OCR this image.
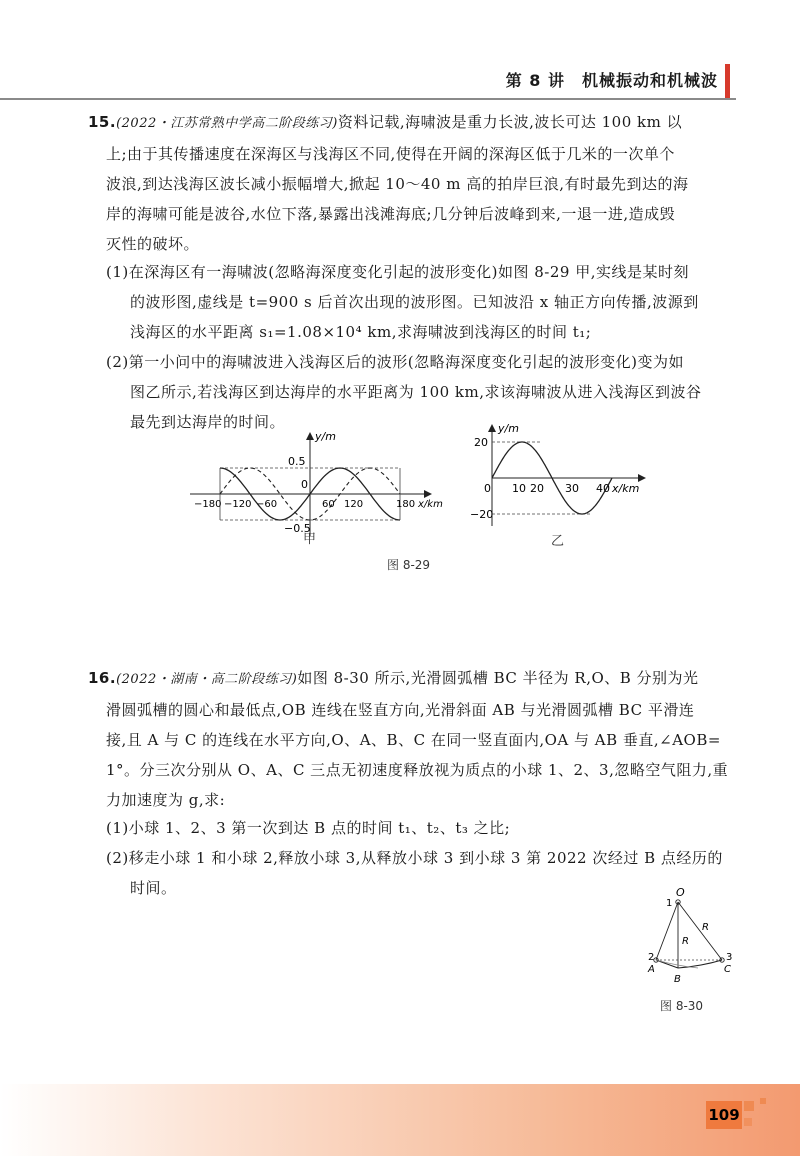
第 8 讲　机械振动和机械波
15.(2022・江苏常熟中学高二阶段练习)资料记载,海啸波是重力长波,波长可达 100 km 以
上;由于其传播速度在深海区与浅海区不同,使得在开阔的深海区低于几米的一次单个
波浪,到达浅海区波长减小振幅增大,掀起 10～40 m 高的拍岸巨浪,有时最先到达的海
岸的海啸可能是波谷,水位下落,暴露出浅滩海底;几分钟后波峰到来,一退一进,造成毁
灭性的破坏。
(1)在深海区有一海啸波(忽略海深度变化引起的波形变化)如图 8-29 甲,实线是某时刻
的波形图,虚线是 t=900 s 后首次出现的波形图。已知波沿 x 轴正方向传播,波源到
浅海区的水平距离 s₁=1.08×10⁴ km,求海啸波到浅海区的时间 t₁;
(2)第一小问中的海啸波进入浅海区后的波形(忽略海深度变化引起的波形变化)变为如
图乙所示,若浅海区到达海岸的水平距离为 100 km,求该海啸波从进入浅海区到波谷
最先到达海岸的时间。
y/m
0.5
−0.5
0
−180 −120 −60	60 120	180 x/km
甲
y/m
20
−20
0 10 20 30 40 x/km
乙
图 8-29
16.(2022・湖南・高二阶段练习)如图 8-30 所示,光滑圆弧槽 BC 半径为 R,O、B 分别为光
滑圆弧槽的圆心和最低点,OB 连线在竖直方向,光滑斜面 AB 与光滑圆弧槽 BC 平滑连
接,且 A 与 C 的连线在水平方向,O、A、B、C 在同一竖直面内,OA 与 AB 垂直,∠AOB=
1°。分三次分别从 O、A、C 三点无初速度释放视为质点的小球 1、2、3,忽略空气阻力,重
力加速度为 g,求:
(1)小球 1、2、3 第一次到达 B 点的时间 t₁、t₂、t₃ 之比;
(2)移走小球 1 和小球 2,释放小球 3,从释放小球 3 到小球 3 第 2022 次经过 B 点经历的
时间。	O
1
R
R
2	3
A
B
C
图 8-30
109
